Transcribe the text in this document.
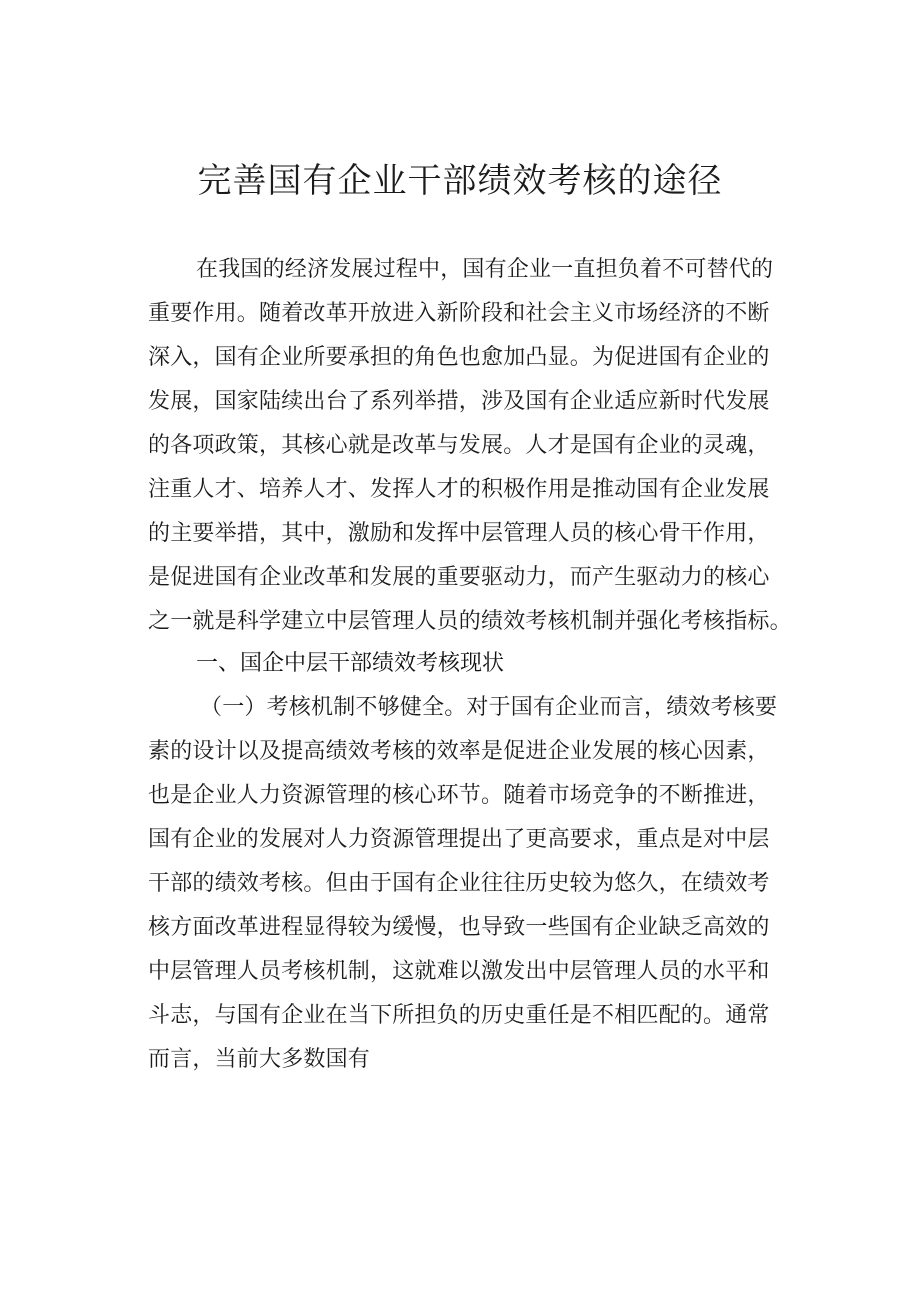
完善国有企业干部绩效考核的途径
在我国的经济发展过程中，国有企业一直担负着不可替代的
重要作用。随着改革开放进入新阶段和社会主义市场经济的不断
深入，国有企业所要承担的角色也愈加凸显。为促进国有企业的
发展，国家陆续出台了系列举措，涉及国有企业适应新时代发展
的各项政策，其核心就是改革与发展。人才是国有企业的灵魂，
注重人才、培养人才、发挥人才的积极作用是推动国有企业发展
的主要举措，其中，激励和发挥中层管理人员的核心骨干作用，
是促进国有企业改革和发展的重要驱动力，而产生驱动力的核心
之一就是科学建立中层管理人员的绩效考核机制并强化考核指标。
一、国企中层干部绩效考核现状
（一）考核机制不够健全。对于国有企业而言，绩效考核要
素的设计以及提高绩效考核的效率是促进企业发展的核心因素，
也是企业人力资源管理的核心环节。随着市场竞争的不断推进，
国有企业的发展对人力资源管理提出了更高要求，重点是对中层
干部的绩效考核。但由于国有企业往往历史较为悠久，在绩效考
核方面改革进程显得较为缓慢，也导致一些国有企业缺乏高效的
中层管理人员考核机制，这就难以激发出中层管理人员的水平和
斗志，与国有企业在当下所担负的历史重任是不相匹配的。通常
而言，当前大多数国有
